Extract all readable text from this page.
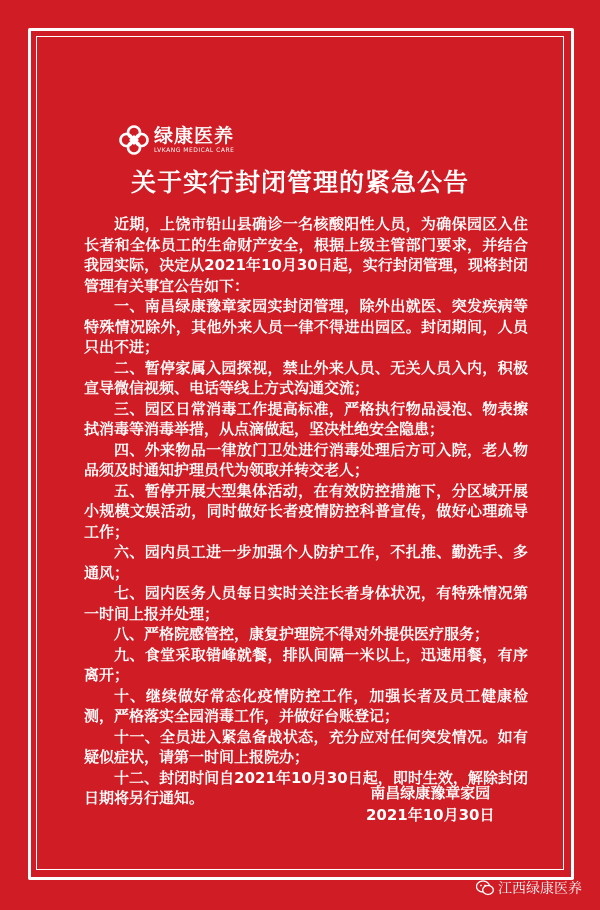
绿康医养
LVKANG MEDICAL CARE
关于实行封闭管理的紧急公告

近期，上饶市铅山县确诊一名核酸阳性人员，为确保园区入住长者和全体员工的生命财产安全，根据上级主管部门要求，并结合我园实际，决定从2021年10月30日起，实行封闭管理，现将封闭管理有关事宜公告如下：

一、南昌绿康豫章家园实封闭管理，除外出就医、突发疾病等特殊情况除外，其他外来人员一律不得进出园区。封闭期间，人员只出不进；

二、暂停家属入园探视，禁止外来人员、无关人员入内，积极宣导微信视频、电话等线上方式沟通交流；

三、园区日常消毒工作提高标准，严格执行物品浸泡、物表擦拭消毒等消毒举措，从点滴做起，坚决杜绝安全隐患；

四、外来物品一律放门卫处进行消毒处理后方可入院，老人物品须及时通知护理员代为领取并转交老人；

五、暂停开展大型集体活动，在有效防控措施下，分区域开展小规模文娱活动，同时做好长者疫情防控科普宣传，做好心理疏导工作；

六、园内员工进一步加强个人防护工作，不扎推、勤洗手、多通风；

七、园内医务人员每日实时关注长者身体状况，有特殊情况第一时间上报并处理；

八、严格院感管控，康复护理院不得对外提供医疗服务；

九、食堂采取错峰就餐，排队间隔一米以上，迅速用餐，有序离开；

十、继续做好常态化疫情防控工作，加强长者及员工健康检测，严格落实全园消毒工作，并做好台账登记；

十一、全员进入紧急备战状态，充分应对任何突发情况。如有疑似症状，请第一时间上报院办；

十二、封闭时间自2021年10月30日起，即时生效，解除封闭日期将另行通知。	南昌绿康豫章家园
2021年10月30日
江西绿康医养
